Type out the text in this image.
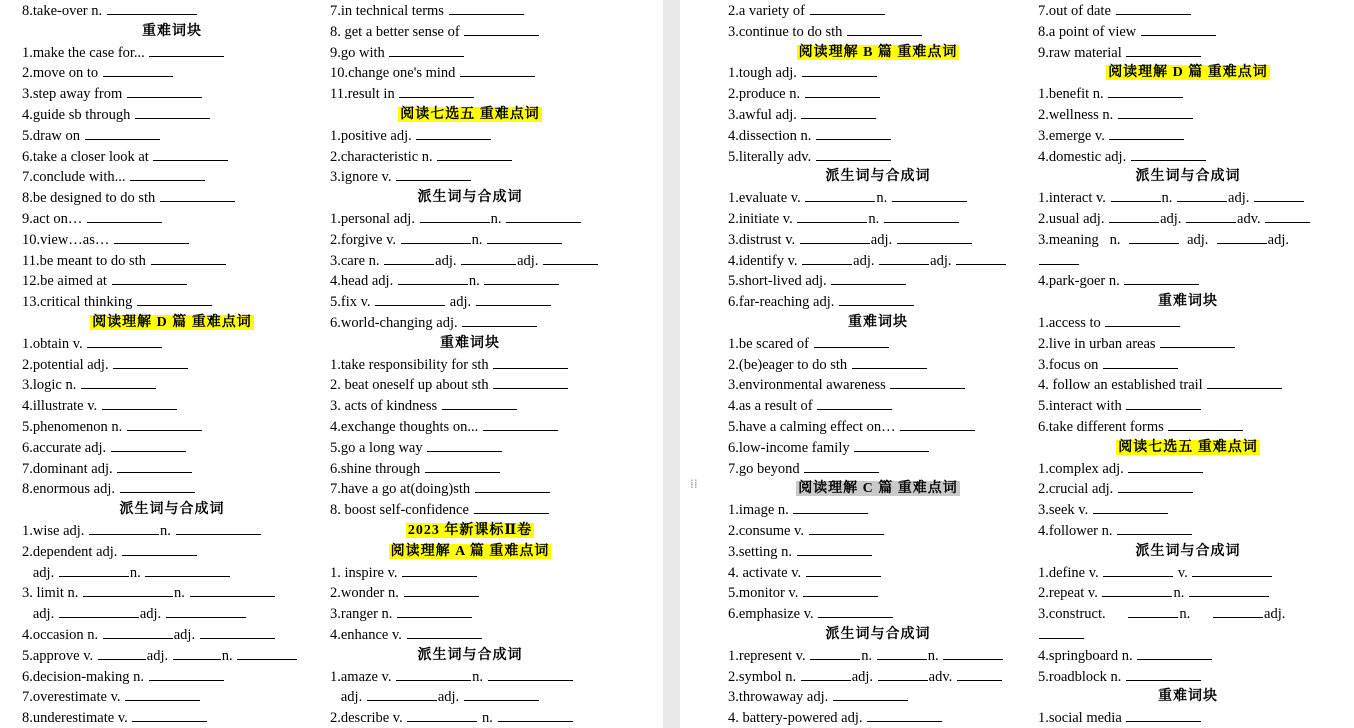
8.take-over n.
重难词块
1.make the case for...
2.move on to
3.step away from
4.guide sb through
5.draw on
6.take a closer look at
7.conclude with...
8.be designed to do sth
9.act on…
10.view…as…
11.be meant to do sth
12.be aimed at
13.critical thinking
阅读理解 D 篇 重难点词
1.obtain v.
2.potential adj.
3.logic n.
4.illustrate v.
5.phenomenon n.
6.accurate adj.
7.dominant adj.
8.enormous adj.
派生词与合成词
1.wise adj.	n.
2.dependent adj.
adj.	n.
3. limit n.	n.
adj.	adj.
4.occasion n.	adj.
5.approve v.	adj.	n.
6.decision-making n.
7.overestimate v.
8.underestimate v.
7.in technical terms
8. get a better sense of
9.go with
10.change one's mind
11.result in
阅读七选五 重难点词
1.positive adj.
2.characteristic n.
3.ignore v.
派生词与合成词
1.personal adj.	n.
2.forgive v.	n.
3.care n.	adj.	adj.
4.head adj.	n.
5.fix v.	adj.
6.world-changing adj.
重难词块
1.take responsibility for sth
2. beat oneself up about sth
3. acts of kindness
4.exchange thoughts on...
5.go a long way
6.shine through
7.have a go at(doing)sth
8. boost self-confidence
2023 年新课标Ⅱ卷
阅读理解 A 篇 重难点词
1. inspire v.
2.wonder n.
3.ranger n.
4.enhance v.
派生词与合成词
1.amaze v.	n.
adj.	adj.
2.describe v.	n.
2.a variety of
3.continue to do sth
阅读理解 B 篇 重难点词
1.tough adj.
2.produce n.
3.awful adj.
4.dissection n.
5.literally adv.
派生词与合成词
1.evaluate v.	n.
2.initiate v.	n.
3.distrust v.	adj.
4.identify v.	adj.	adj.
5.short-lived adj.
6.far-reaching adj.
重难词块
1.be scared of
2.(be)eager to do sth
3.environmental awareness
4.as a result of
5.have a calming effect on…
6.low-income family
7.go beyond
阅读理解 C 篇 重难点词
1.image n.
2.consume v.
3.setting n.
4. activate v.
5.monitor v.
6.emphasize v.
派生词与合成词
1.represent v.	n.	n.
2.symbol n.	adj.	adv.
3.throwaway adj.
4. battery-powered adj.
7.out of date
8.a point of view
9.raw material
阅读理解 D 篇 重难点词
1.benefit n.
2.wellness n.
3.emerge v.
4.domestic adj.
派生词与合成词
1.interact v.	n.	adj.
2.usual adj.	adj.	adv.
3.meaning   n.	adj.	adj.
4.park-goer n.
重难词块
1.access to
2.live in urban areas
3.focus on
4. follow an established trail
5.interact with
6.take different forms
阅读七选五 重难点词
1.complex adj.
2.crucial adj.
3.seek v.
4.follower n.
派生词与合成词
1.define v.	v.
2.repeat v.	n.
3.construct.	n.	adj.
4.springboard n.
5.roadblock n.
重难词块
1.social media
⁞⁞
